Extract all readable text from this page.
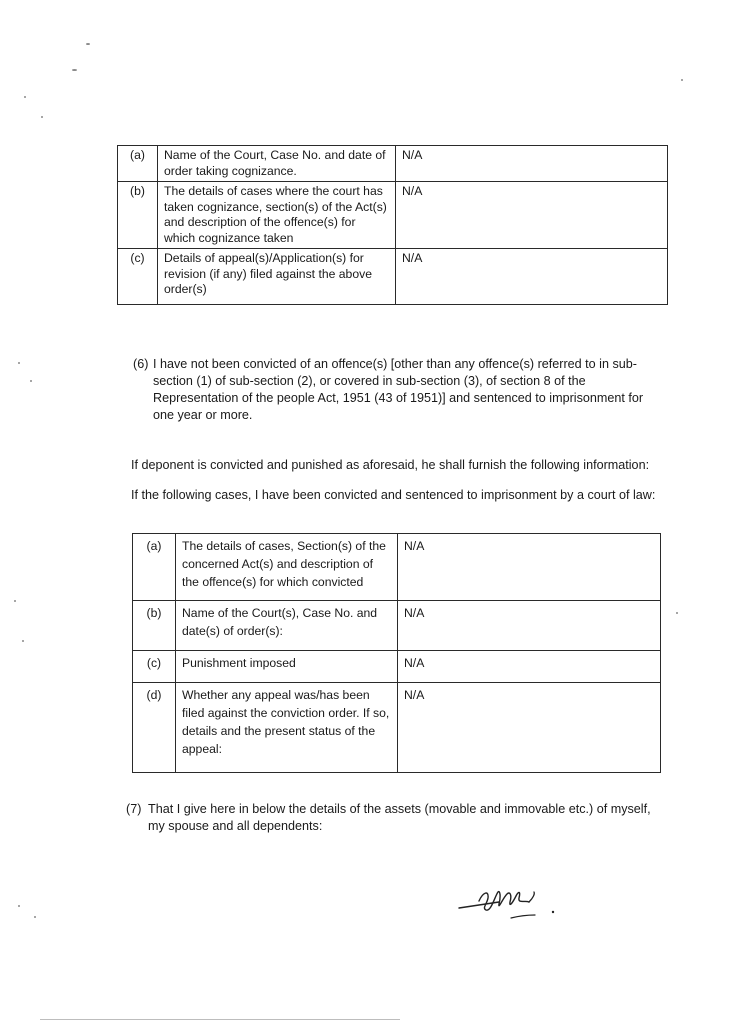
(a)	Name of the Court, Case No. and date of order taking cognizance.	N/A
(b)	The details of cases where the court has taken cognizance, section(s) of the Act(s) and description of the offence(s) for which cognizance taken	N/A
(c)	Details of appeal(s)/Application(s) for revision (if any) filed against the above order(s)	N/A
(6) I have not been convicted of an offence(s) [other than any offence(s) referred to in sub-section (1) of sub-section (2), or covered in sub-section (3), of section 8 of the Representation of the people Act, 1951 (43 of 1951)] and sentenced to imprisonment for one year or more.
If deponent is convicted and punished as aforesaid, he shall furnish the following information:
If the following cases, I have been convicted and sentenced to imprisonment by a court of law:
(a)	The details of cases, Section(s) of the concerned Act(s) and description of the offence(s) for which convicted	N/A
(b)	Name of the Court(s), Case No. and date(s) of order(s):	N/A
(c)	Punishment imposed	N/A
(d)	Whether any appeal was/has been filed against the conviction order. If so, details and the present status of the appeal:	N/A
(7) That I give here in below the details of the assets (movable and immovable etc.) of myself, my spouse and all dependents:
